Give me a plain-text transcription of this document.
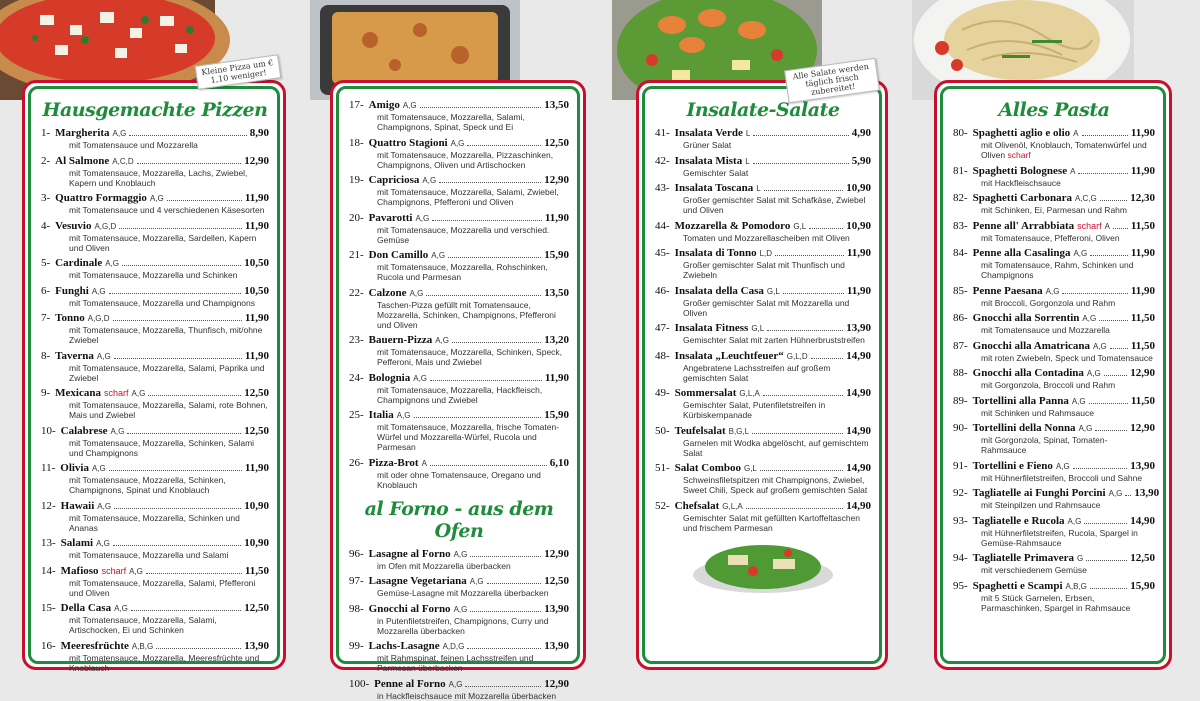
Kleine Pizza um € 1,10 weniger!	Alle Salate werden täglich frisch zubereitet!
Hausgemachte Pizzen
1- Margherita A,G	8,90
mit Tomatensauce und Mozzarella
2- Al Salmone A,C,D	12,90
mit Tomatensauce, Mozzarella, Lachs, Zwiebel, Kapern und Knoblauch
3- Quattro Formaggio A,G	11,90
mit Tomatensauce und 4 verschiedenen Käsesorten
4- Vesuvio A,G,D	11,90
mit Tomatensauce, Mozzarella, Sardellen, Kapern und Oliven
5- Cardinale A,G	10,50
mit Tomatensauce, Mozzarella und Schinken
6- Funghi A,G	10,50
mit Tomatensauce, Mozzarella und Champignons
7- Tonno A,G,D	11,90
mit Tomatensauce, Mozzarella, Thunfisch, mit/ohne Zwiebel
8- Taverna A,G	11,90
mit Tomatensauce, Mozzarella, Salami, Paprika und Zwiebel
9- Mexicana scharf A,G	12,50
mit Tomatensauce, Mozzarella, Salami, rote Bohnen, Mais und Zwiebel
10- Calabrese A,G	12,50
mit Tomatensauce, Mozzarella, Schinken, Salami und Champignons
11- Olivia A,G	11,90
mit Tomatensauce, Mozzarella, Schinken, Champignons, Spinat und Knoblauch
12- Hawaii A,G	10,90
mit Tomatensauce, Mozzarella, Schinken und Ananas
13- Salami A,G	10,90
mit Tomatensauce, Mozzarella und Salami
14- Mafioso scharf A,G	11,50
mit Tomatensauce, Mozzarella, Salami, Pfefferoni und Oliven
15- Della Casa A,G	12,50
mit Tomatensauce, Mozzarella, Salami, Artischocken, Ei und Schinken
16- Meeresfrüchte A,B,G	13,90
mit Tomatensauce, Mozzarella, Meeresfrüchte und Knoblauch
17- Amigo A,G	13,50
mit Tomatensauce, Mozzarella, Salami, Champignons, Spinat, Speck und Ei
18- Quattro Stagioni A,G	12,50
mit Tomatensauce, Mozzarella, Pizzaschinken, Champignons, Oliven und Artischocken
19- Capriciosa A,G	12,90
mit Tomatensauce, Mozzarella, Salami, Zwiebel, Champignons, Pfefferoni und Oliven
20- Pavarotti A,G	11,90
mit Tomatensauce, Mozzarella und verschied. Gemüse
21- Don Camillo A,G	15,90
mit Tomatensauce, Mozzarella, Rohschinken, Rucola und Parmesan
22- Calzone A,G	13,50
Taschen-Pizza gefüllt mit Tomatensauce, Mozzarella, Schinken, Champignons, Pfefferoni und Oliven
23- Bauern-Pizza A,G	13,20
mit Tomatensauce, Mozzarella, Schinken, Speck, Pefferoni, Mais und Zwiebel
24- Bolognia A,G	11,90
mit Tomatensauce, Mozzarella, Hackfleisch, Champignons und Zwiebel
25- Italia A,G	15,90
mit Tomatensauce, Mozzarella, frische Tomaten- Würfel und Mozzarella-Würfel, Rucola und Parmesan
26- Pizza-Brot A	6,10
mit oder ohne Tomatensauce, Oregano und Knoblauch
al Forno - aus dem Ofen
96- Lasagne al Forno A,G	12,90
im Ofen mit Mozzarella überbacken
97- Lasagne Vegetariana A,G	12,50
Gemüse-Lasagne mit Mozzarella überbacken
98- Gnocchi al Forno A,G	13,90
in Putenfiletstreifen, Champignons, Curry und Mozzarella überbacken
99- Lachs-Lasagne A,D,G	13,90
mit Rahmspinat, feinen Lachsstreifen und Parmesan überbacken
100- Penne al Forno A,G	12,90
in Hackfleischsauce mit Mozzarella überbacken
Insalate-Salate
41- Insalata Verde L	4,90
Grüner Salat
42- Insalata Mista L	5,90
Gemischter Salat
43- Insalata Toscana L	10,90
Großer gemischter Salat mit Schafkäse, Zwiebel und Oliven
44- Mozzarella & Pomodoro G,L	10,90
Tomaten und Mozzarellascheiben mit Oliven
45- Insalata di Tonno L,D	11,90
Großer gemischter Salat mit Thunfisch und Zwiebeln
46- Insalata della Casa G,L	11,90
Großer gemischter Salat mit Mozzarella und Oliven
47- Insalata Fitness G,L	13,90
Gemischter Salat mit zarten Hühnerbruststreifen
48- Insalata „Leuchtfeuer“ G,L,D	14,90
Angebratene Lachsstreifen auf großem gemischten Salat
49- Sommersalat G,L,A	14,90
Gemischter Salat, Putenfiletstreifen in Kürbiskernpanade
50- Teufelsalat B,G,L	14,90
Garnelen mit Wodka abgelöscht, auf gemischtem Salat
51- Salat Comboo G,L	14,90
Schweinsfiletspitzen mit Champignons, Zwiebel, Sweet Chili, Speck auf großem gemischten Salat
52- Chefsalat G,L,A	14,90
Gemischter Salat mit gefüllten Kartoffeltaschen und frischem Parmesan
Alles Pasta
80- Spaghetti aglio e olio A	11,90
mit Olivenöl, Knoblauch, Tomatenwürfel und Oliven scharf
81- Spaghetti Bolognese A	11,90
mit Hackfleischsauce
82- Spaghetti Carbonara A,C,G	12,30
mit Schinken, Ei, Parmesan und Rahm
83- Penne all' Arrabbiata scharf A 11,50
mit Tomatensauce, Pfefferoni, Oliven
84- Penne alla Casalinga A,G	11,90
mit Tomatensauce, Rahm, Schinken und Champignons
85- Penne Paesana A,G	11,90
mit Broccoli, Gorgonzola und Rahm
86- Gnocchi alla Sorrentin A,G	11,50
mit Tomatensauce und Mozzarella
87- Gnocchi alla Amatricana A,G 11,50
mit roten Zwiebeln, Speck und Tomatensauce
88- Gnocchi alla Contadina A,G	12,90
mit Gorgonzola, Broccoli und Rahm
89- Tortellini alla Panna A,G	11,50
mit Schinken und Rahmsauce
90- Tortellini della Nonna A,G	12,90
mit Gorgonzola, Spinat, Tomaten- Rahmsauce
91- Tortellini e Fieno A,G	13,90
mit Hühnerfiletstreifen, Broccoli und Sahne
92- Tagliatelle ai Funghi Porcini A,G 13,90
mit Steinpilzen und Rahmsauce
93- Tagliatelle e Rucola A,G	14,90
mit Hühnerfiletstreifen, Rucola, Spargel in Gemüse-Rahmsauce
94- Tagliatelle Primavera G	12,50
mit verschiedenem Gemüse
95- Spaghetti e Scampi A,B,G	15,90
mit 5 Stück Garnelen, Erbsen, Parmaschinken, Spargel in Rahmsauce
